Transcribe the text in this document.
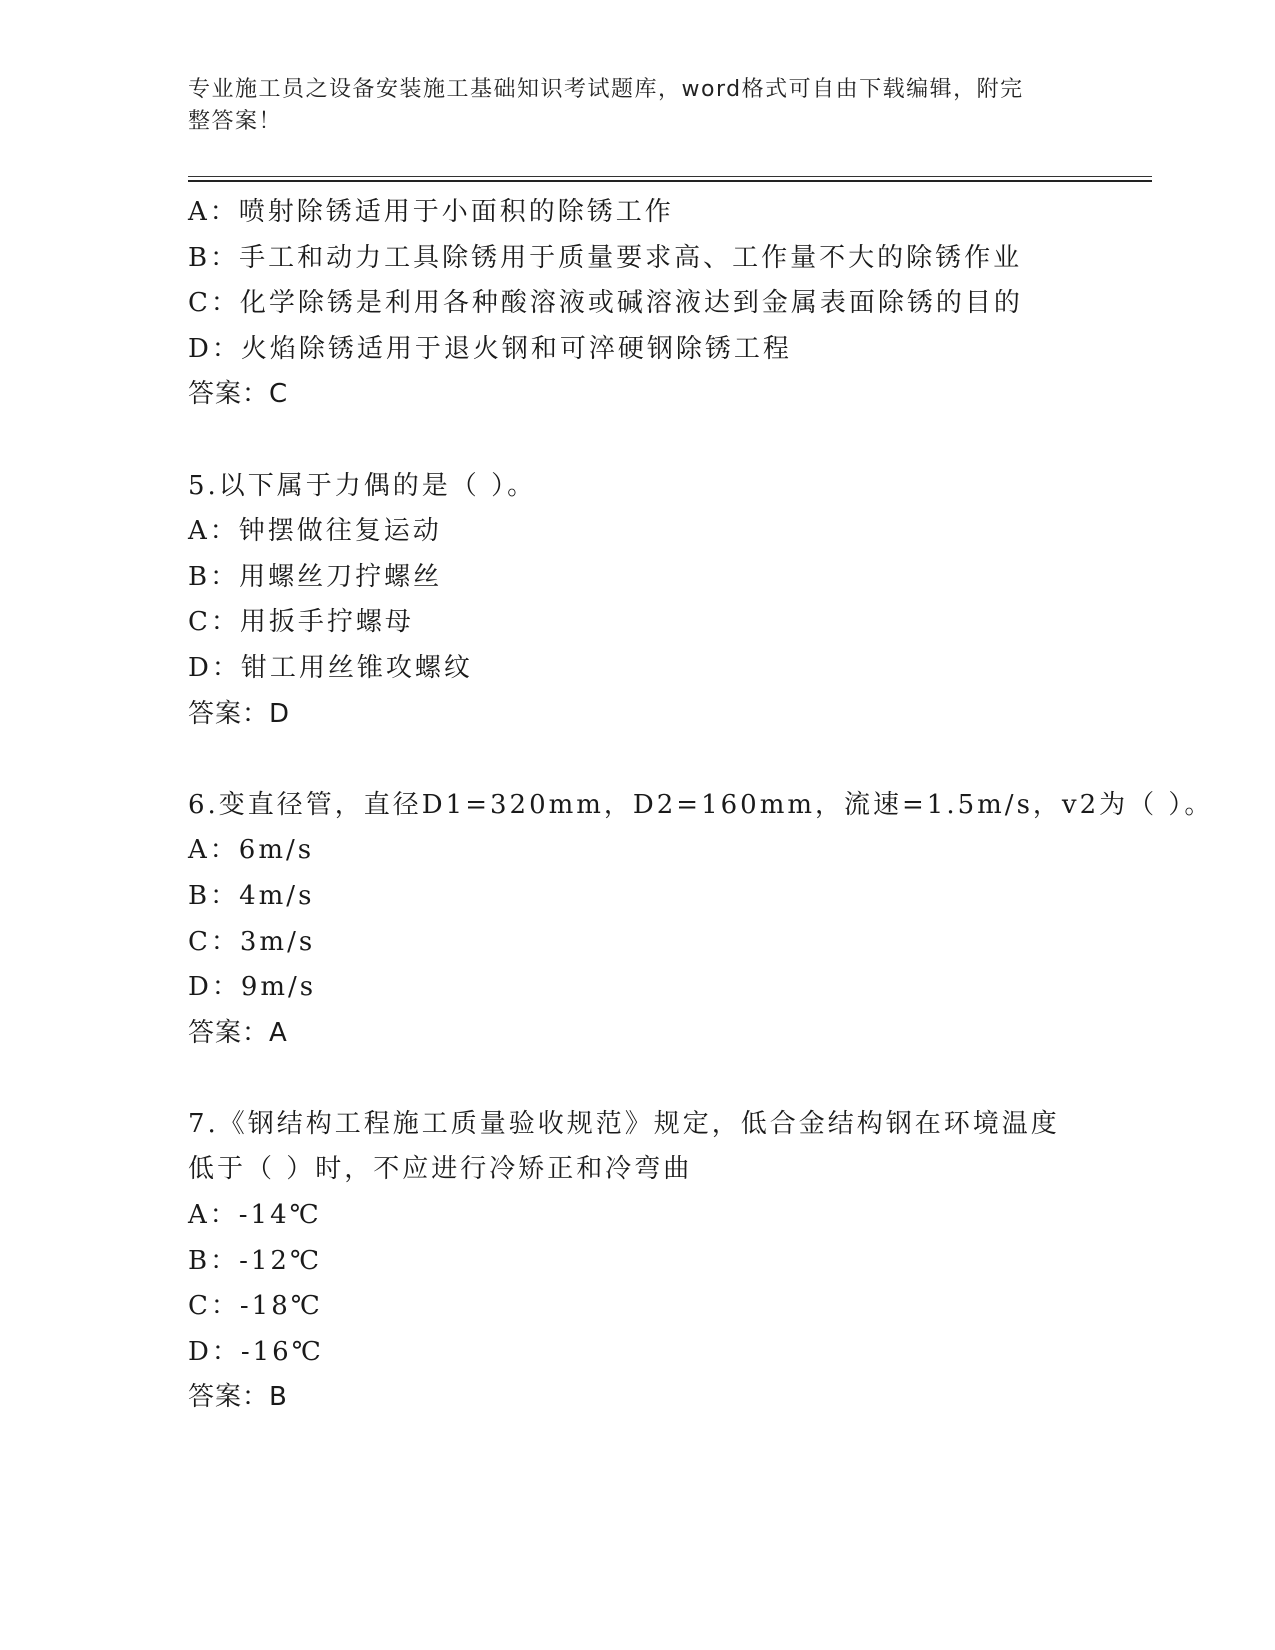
专业施工员之设备安装施工基础知识考试题库，word格式可自由下载编辑，附完
整答案！
A：喷射除锈适用于小面积的除锈工作
B：手工和动力工具除锈用于质量要求高、工作量不大的除锈作业
C：化学除锈是利用各种酸溶液或碱溶液达到金属表面除锈的目的
D：火焰除锈适用于退火钢和可淬硬钢除锈工程
答案：C
5.以下属于力偶的是（ ）。
A：钟摆做往复运动
B：用螺丝刀拧螺丝
C：用扳手拧螺母
D：钳工用丝锥攻螺纹
答案：D
6.变直径管，直径D1=320mm，D2=160mm，流速=1.5m/s，v2为（ ）。
A：6m/s
B：4m/s
C：3m/s
D：9m/s
答案：A
7.《钢结构工程施工质量验收规范》规定，低合金结构钢在环境温度
低于（ ）时，不应进行冷矫正和冷弯曲
A：-14℃
B：-12℃
C：-18℃
D：-16℃
答案：B
